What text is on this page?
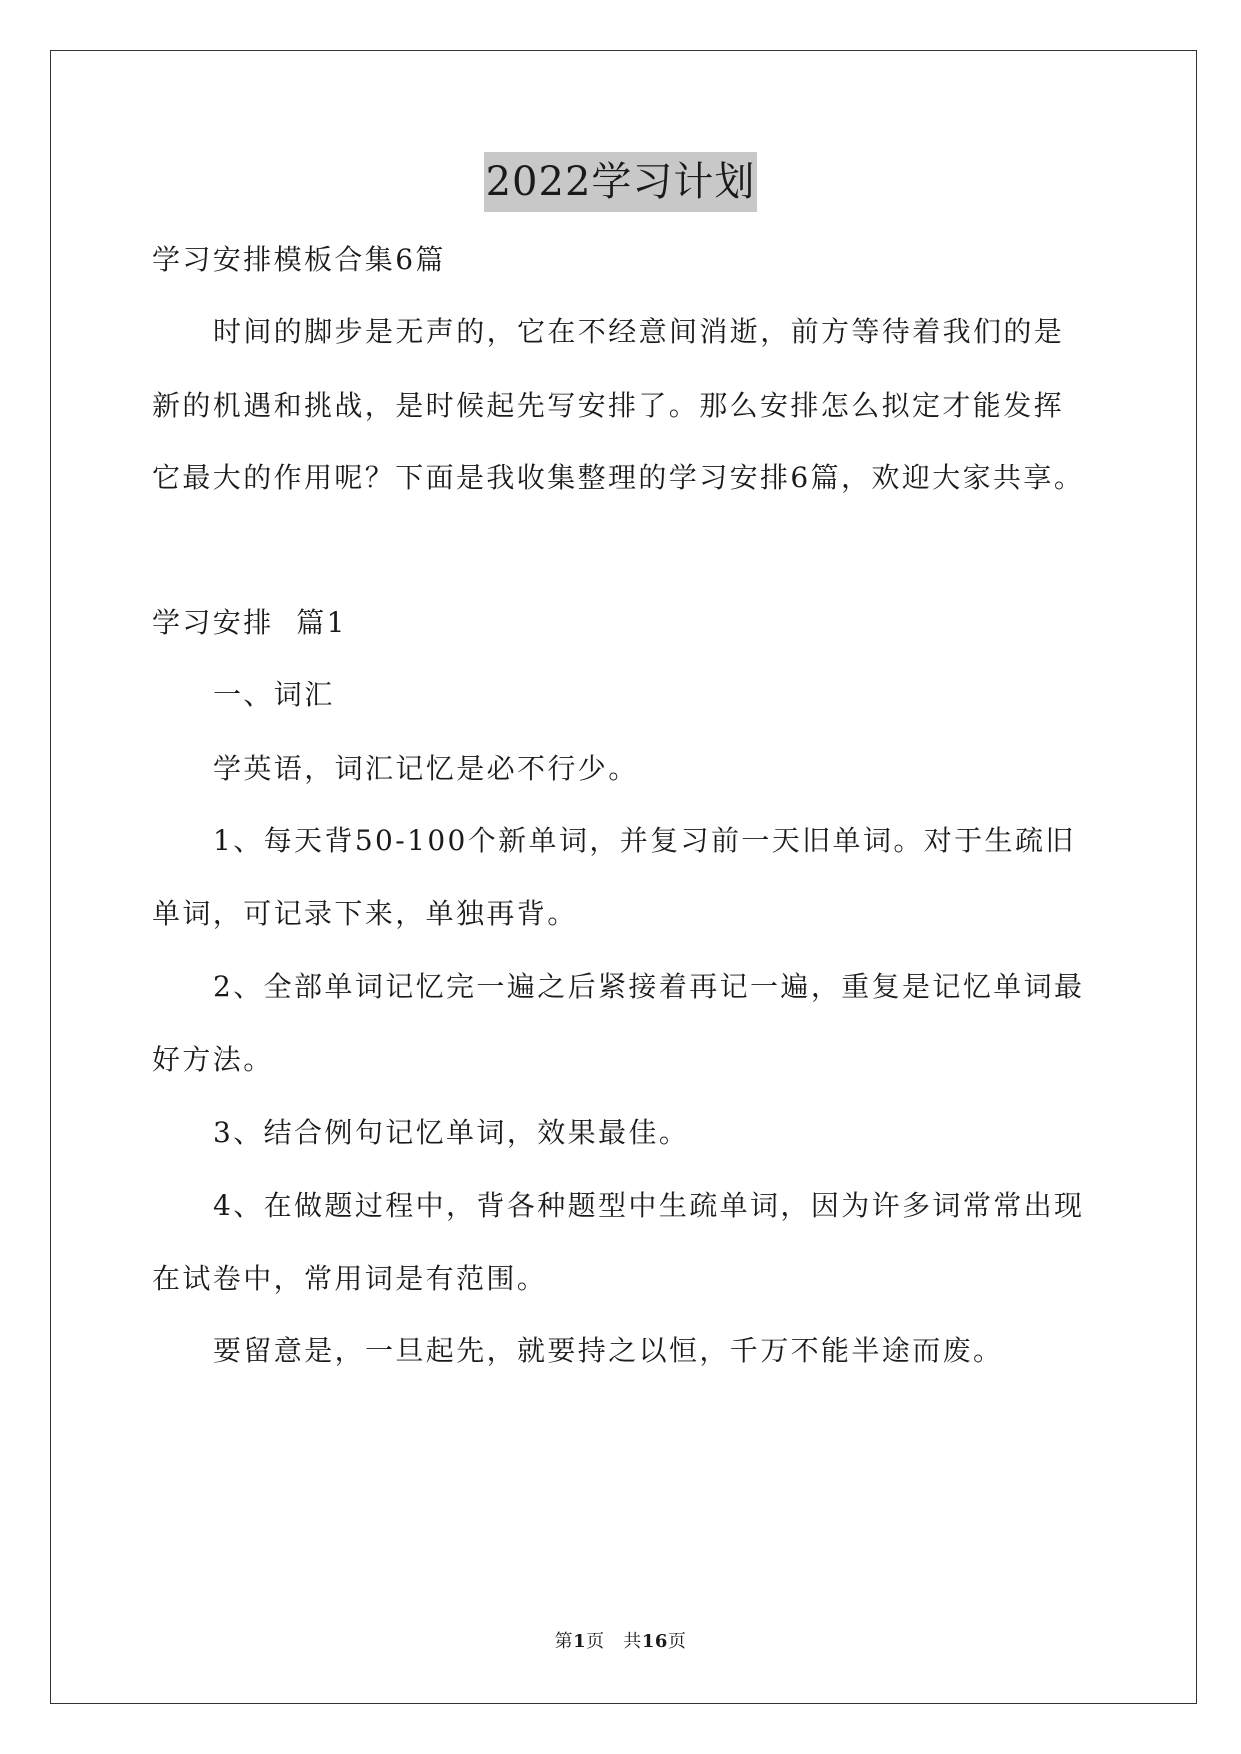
2022学习计划
学习安排模板合集6篇
时间的脚步是无声的，它在不经意间消逝，前方等待着我们的是
新的机遇和挑战，是时候起先写安排了。那么安排怎么拟定才能发挥
它最大的作用呢？下面是我收集整理的学习安排6篇，欢迎大家共享。
学习安排  篇1
一、词汇
学英语，词汇记忆是必不行少。
1、每天背50-100个新单词，并复习前一天旧单词。对于生疏旧
单词，可记录下来，单独再背。
2、全部单词记忆完一遍之后紧接着再记一遍，重复是记忆单词最
好方法。
3、结合例句记忆单词，效果最佳。
4、在做题过程中，背各种题型中生疏单词，因为许多词常常出现
在试卷中，常用词是有范围。
要留意是，一旦起先，就要持之以恒，千万不能半途而废。
第1页   共16页
